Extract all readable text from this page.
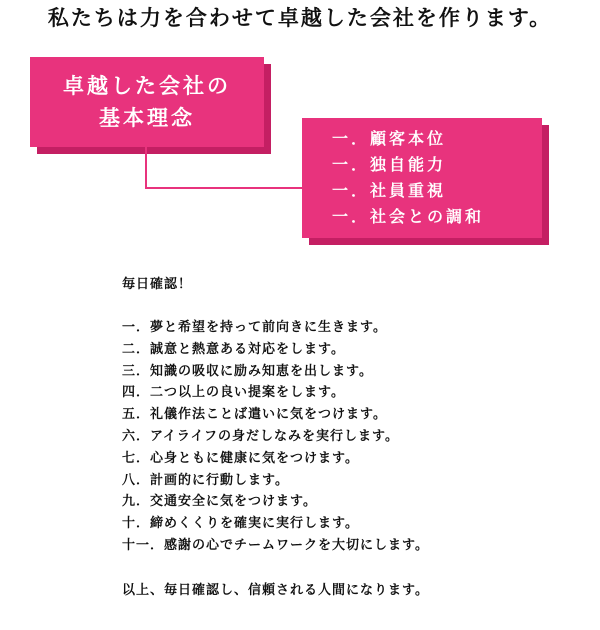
私たちは力を合わせて卓越した会社を作ります。
卓越した会社の
基本理念
一．顧客本位
一．独自能力
一．社員重視
一．社会との調和
毎日確認！
一．夢と希望を持って前向きに生きます。
二．誠意と熱意ある対応をします。
三．知識の吸収に励み知恵を出します。
四．二つ以上の良い提案をします。
五．礼儀作法ことば遣いに気をつけます。
六．アイライフの身だしなみを実行します。
七．心身ともに健康に気をつけます。
八．計画的に行動します。
九．交通安全に気をつけます。
十．締めくくりを確実に実行します。
十一．感謝の心でチームワークを大切にします。
以上、毎日確認し、信頼される人間になります。
